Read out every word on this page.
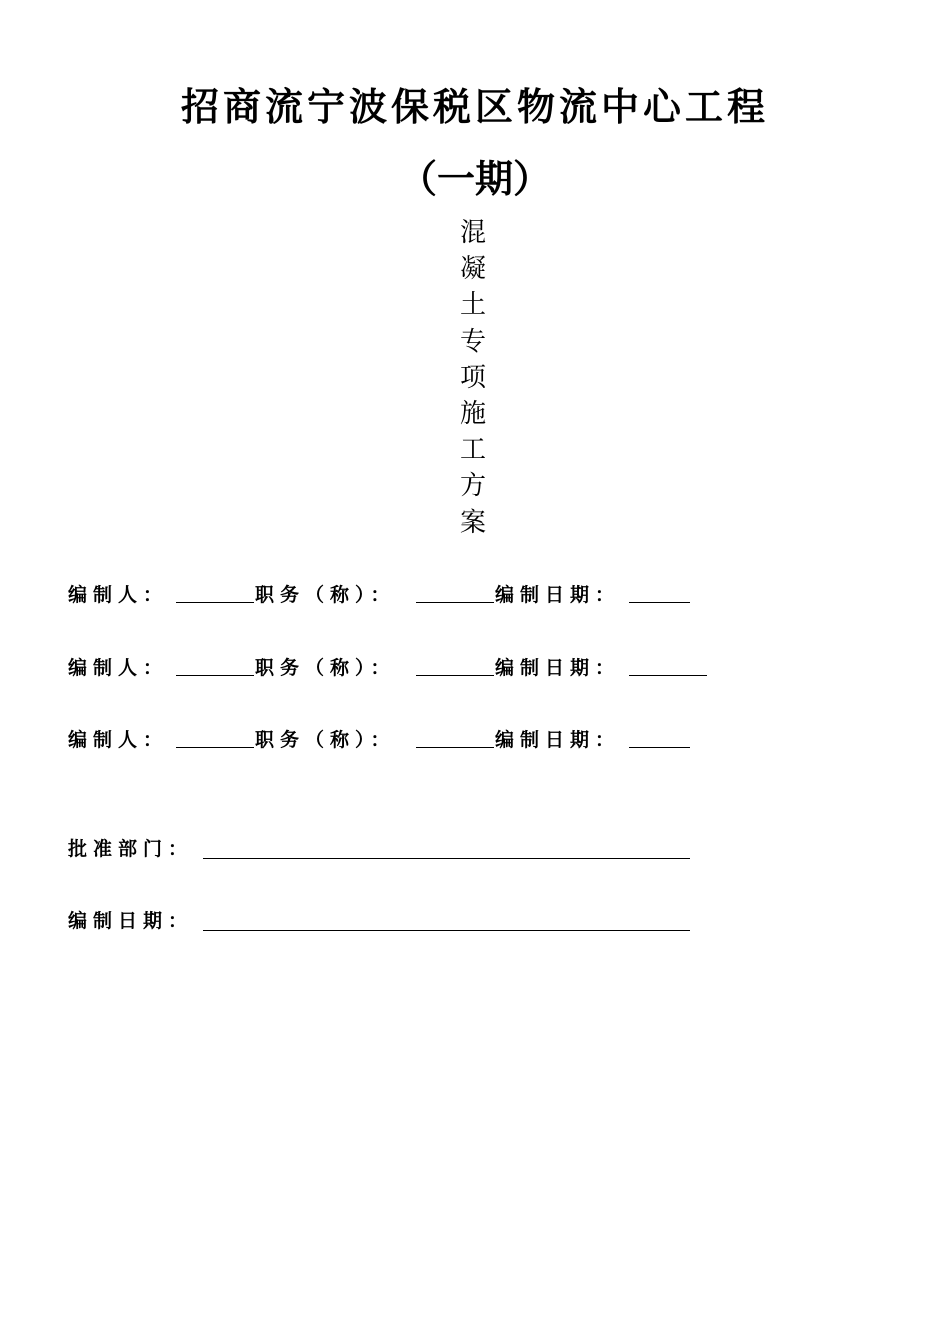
招商流宁波保税区物流中心工程
（一期）
混
凝
土
专
项
施
工
方
案
编制人：	职务（称）：	编制日期：
编制人：	职务（称）：	编制日期：
编制人：	职务（称）：	编制日期：
批准部门：
编制日期：
